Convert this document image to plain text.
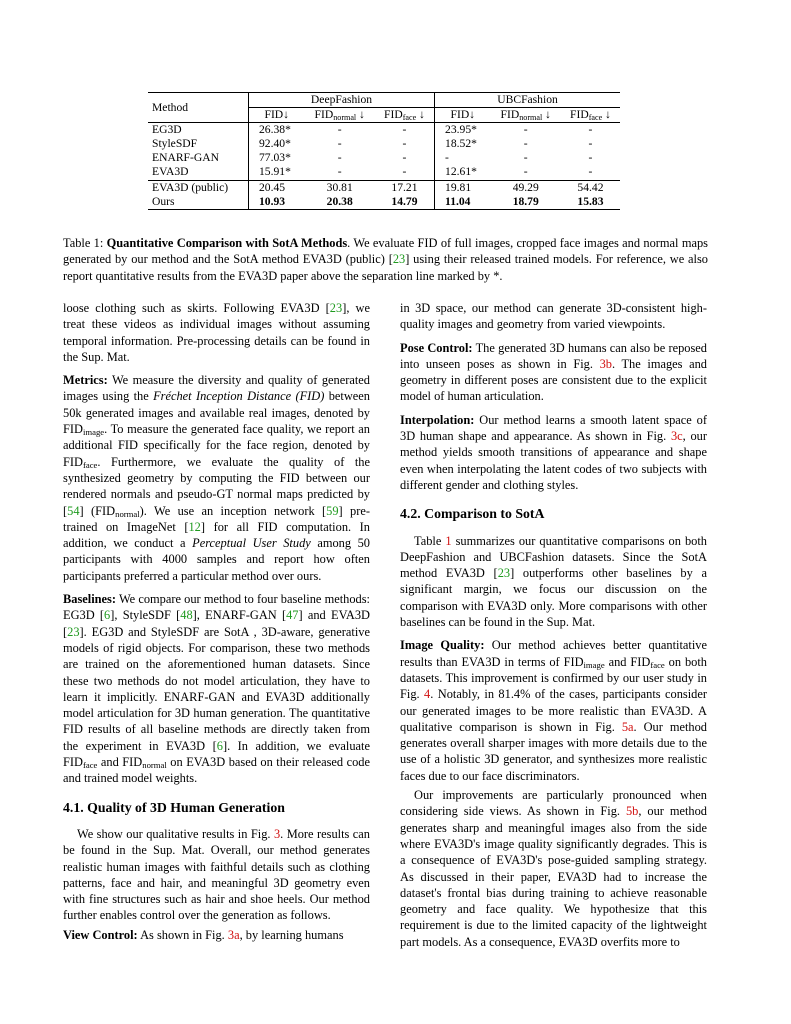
Method	DeepFashion			UBCFashion		
	FID↓	$FID_{normal}$ ↓	$FID_{face}$ ↓	FID↓	$FID_{normal}$ ↓	$FID_{face}$ ↓
EG3D	26.38*	-	-	23.95*	-	-
StyleSDF	92.40*	-	-	18.52*	-	-
ENARF-GAN	77.03*	-	-	-	-	-
EVA3D	15.91*	-	-	12.61*	-	-
EVA3D (public)	20.45	30.81	17.21	19.81	49.29	54.42
Ours	10.93	20.38	14.79	11.04	18.79	15.83
Table 1: Quantitative Comparison with SotA Methods. We evaluate FID of full images, cropped face images and normal maps generated by our method and the SotA method EVA3D (public) [23] using their released trained models. For reference, we also report quantitative results from the EVA3D paper above the separation line marked by *.

loose clothing such as skirts. Following EVA3D [23], we treat these videos as individual images without assuming temporal information. Pre-processing details can be found in the Sup. Mat.

Metrics: We measure the diversity and quality of generated images using the Fréchet Inception Distance (FID) between 50k generated images and available real images, denoted by $FID_{image}$. To measure the generated face quality, we report an additional FID specifically for the face region, denoted by $FID_{face}$. Furthermore, we evaluate the quality of the synthesized geometry by computing the FID between our rendered normals and pseudo-GT normal maps predicted by [54] $(FID_{normal})$. We use an inception network [59] pre-trained on ImageNet [12] for all FID computation. In addition, we conduct a Perceptual User Study among 50 participants with 4000 samples and report how often participants preferred a particular method over ours.

Baselines: We compare our method to four baseline methods: EG3D [6], StyleSDF [48], ENARF-GAN [47] and EVA3D [23]. EG3D and StyleSDF are SotA , 3D-aware, generative models of rigid objects. For comparison, these two methods are trained on the aforementioned human datasets. Since these two methods do not model articulation, they have to learn it implicitly. ENARF-GAN and EVA3D additionally model articulation for 3D human generation. The quantitative FID results of all baseline methods are directly taken from the experiment in EVA3D [6]. In addition, we evaluate $FID_{face}$ and $FID_{normal}$ on EVA3D based on their released code and trained model weights.

4.1. Quality of 3D Human Generation

We show our qualitative results in Fig. 3. More results can be found in the Sup. Mat. Overall, our method generates realistic human images with faithful details such as clothing patterns, face and hair, and meaningful 3D geometry even with fine structures such as hair and shoe heels. Our method further enables control over the generation as follows.

View Control: As shown in Fig. 3a, by learning humans

in 3D space, our method can generate 3D-consistent high-quality images and geometry from varied viewpoints.

Pose Control: The generated 3D humans can also be reposed into unseen poses as shown in Fig. 3b. The images and geometry in different poses are consistent due to the explicit model of human articulation.

Interpolation: Our method learns a smooth latent space of 3D human shape and appearance. As shown in Fig. 3c, our method yields smooth transitions of appearance and shape even when interpolating the latent codes of two subjects with different gender and clothing styles.

4.2. Comparison to SotA

Table 1 summarizes our quantitative comparisons on both DeepFashion and UBCFashion datasets. Since the SotA method EVA3D [23] outperforms other baselines by a significant margin, we focus our discussion on the comparison with EVA3D only. More comparisons with other baselines can be found in the Sup. Mat.

Image Quality: Our method achieves better quantitative results than EVA3D in terms of $FID_{image}$ and $FID_{face}$ on both datasets. This improvement is confirmed by our user study in Fig. 4. Notably, in 81.4% of the cases, participants consider our generated images to be more realistic than EVA3D. A qualitative comparison is shown in Fig. 5a. Our method generates overall sharper images with more details due to the use of a holistic 3D generator, and synthesizes more realistic faces due to our face discriminators.

Our improvements are particularly pronounced when considering side views. As shown in Fig. 5b, our method generates sharp and meaningful images also from the side where EVA3D's image quality significantly degrades. This is a consequence of EVA3D's pose-guided sampling strategy. As discussed in their paper, EVA3D had to increase the dataset's frontal bias during training to achieve reasonable geometry and face quality. We hypothesize that this requirement is due to the limited capacity of the lightweight part models. As a consequence, EVA3D overfits more to
